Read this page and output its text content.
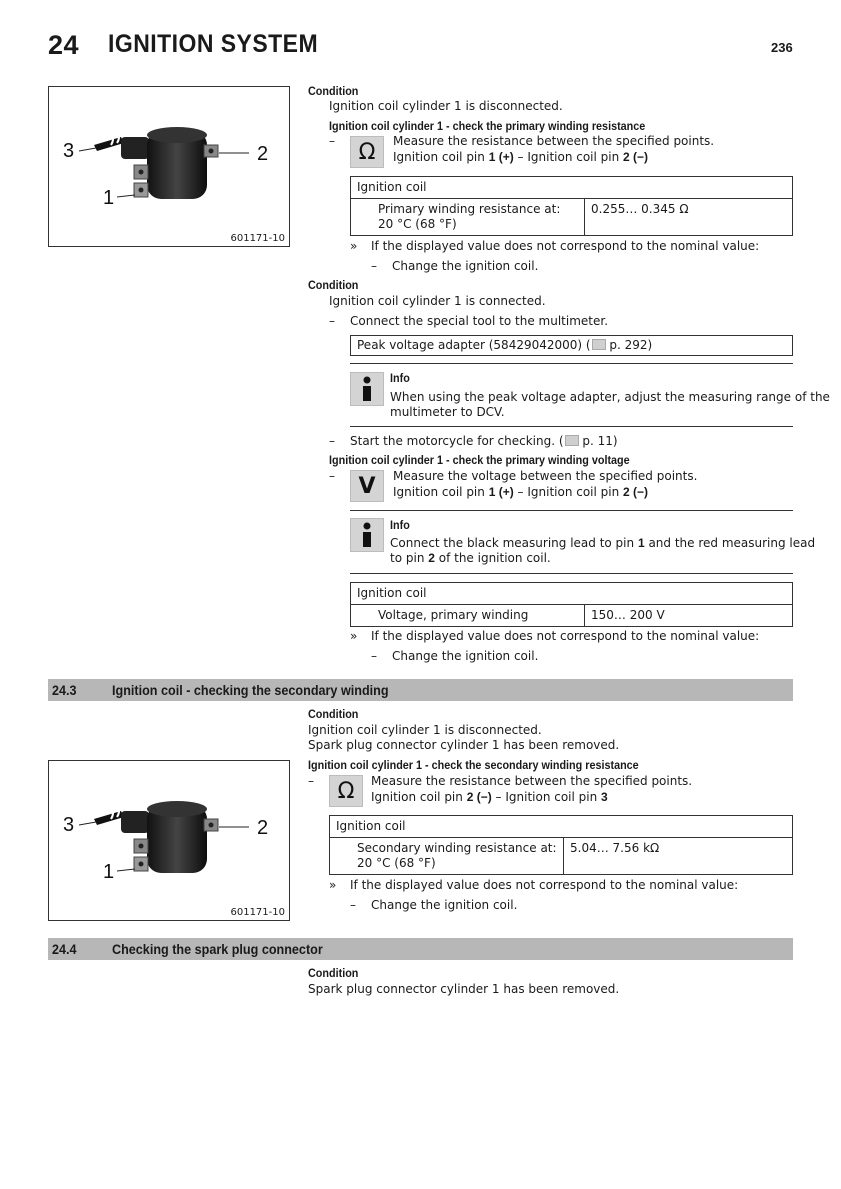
24 IGNITION SYSTEM	236
3	2
1
601171-10
Condition
Ignition coil cylinder 1 is disconnected.
Ignition coil cylinder 1 - check the primary winding resistance
– Ω Measure the resistance between the specified points.
Ignition coil pin 1 (+) – Ignition coil pin 2 (−)
Ignition coil

Primary winding resistance at:
20 °C (68 °F)
	0.255… 0.345 Ω
» If the displayed value does not correspond to the nominal value:
– Change the ignition coil.
Condition
Ignition coil cylinder 1 is connected.
– Connect the special tool to the multimeter.
Peak voltage adapter (58429042000) ( p. 292)
Info
When using the peak voltage adapter, adjust the measuring range of the
multimeter to DCV.
– Start the motorcycle for checking. ( p. 11)
Ignition coil cylinder 1 - check the primary winding voltage
– V Measure the voltage between the specified points.
Ignition coil pin 1 (+) – Ignition coil pin 2 (−)
Info
Connect the black measuring lead to pin 1 and the red measuring lead
to pin 2 of the ignition coil.
Ignition coil
Voltage, primary winding	150… 200 V
» If the displayed value does not correspond to the nominal value:
– Change the ignition coil.
24.3	Ignition coil - checking the secondary winding
Condition
Ignition coil cylinder 1 is disconnected.
Spark plug connector cylinder 1 has been removed.
Ignition coil cylinder 1 - check the secondary winding resistance
– Ω Measure the resistance between the specified points.
Ignition coil pin 2 (−) – Ignition coil pin 3
Ignition coil

Secondary winding resistance at:
20 °C (68 °F)
	5.04… 7.56 kΩ
» If the displayed value does not correspond to the nominal value:
– Change the ignition coil.
3	2
1
601171-10
24.4	Checking the spark plug connector
Condition
Spark plug connector cylinder 1 has been removed.
